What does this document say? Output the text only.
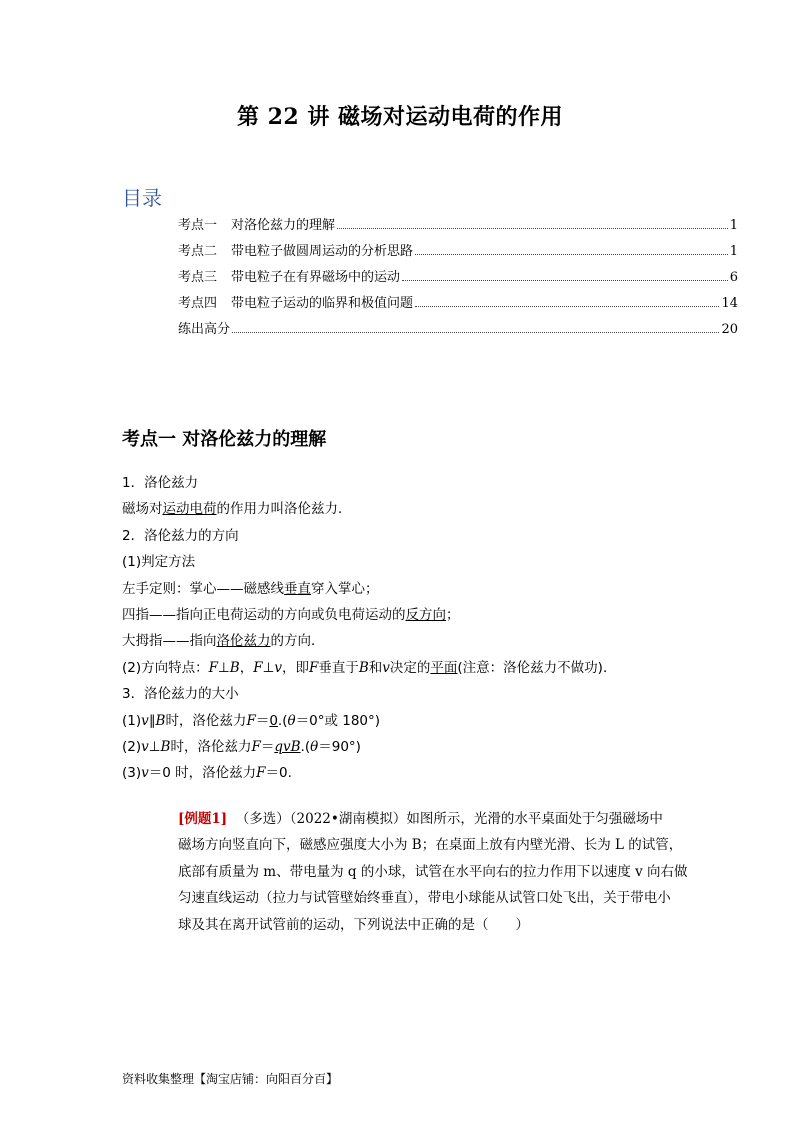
第 22 讲 磁场对运动电荷的作用
目录
考点一 对洛伦兹力的理解	1
考点二 带电粒子做圆周运动的分析思路	1
考点三 带电粒子在有界磁场中的运动	6
考点四 带电粒子运动的临界和极值问题	14
练出高分	20
考点一 对洛伦兹力的理解
1．洛伦兹力
磁场对运动电荷的作用力叫洛伦兹力．
2．洛伦兹力的方向
(1)判定方法
左手定则：掌心——磁感线垂直穿入掌心；
四指——指向正电荷运动的方向或负电荷运动的反方向；
大拇指——指向洛伦兹力的方向．
(2)方向特点：F⊥B，F⊥v，即F垂直于B和v决定的平面(注意：洛伦兹力不做功)．
3．洛伦兹力的大小
(1)v∥B时，洛伦兹力F＝0.(θ＝0°或 180°)
(2)v⊥B时，洛伦兹力F＝qvB.(θ＝90°)
(3)v＝0 时，洛伦兹力F＝0.

[例题1] （多选）（2022•湖南模拟）如图所示，光滑的水平桌面处于匀强磁场中

磁场方向竖直向下，磁感应强度大小为 B；在桌面上放有内壁光滑、长为 L 的试管，

底部有质量为 m、带电量为 q 的小球，试管在水平向右的拉力作用下以速度 v 向右做

匀速直线运动（拉力与试管壁始终垂直），带电小球能从试管口处飞出，关于带电小

球及其在离开试管前的运动，下列说法中正确的是（　　）

资料收集整理【淘宝店铺：向阳百分百】
